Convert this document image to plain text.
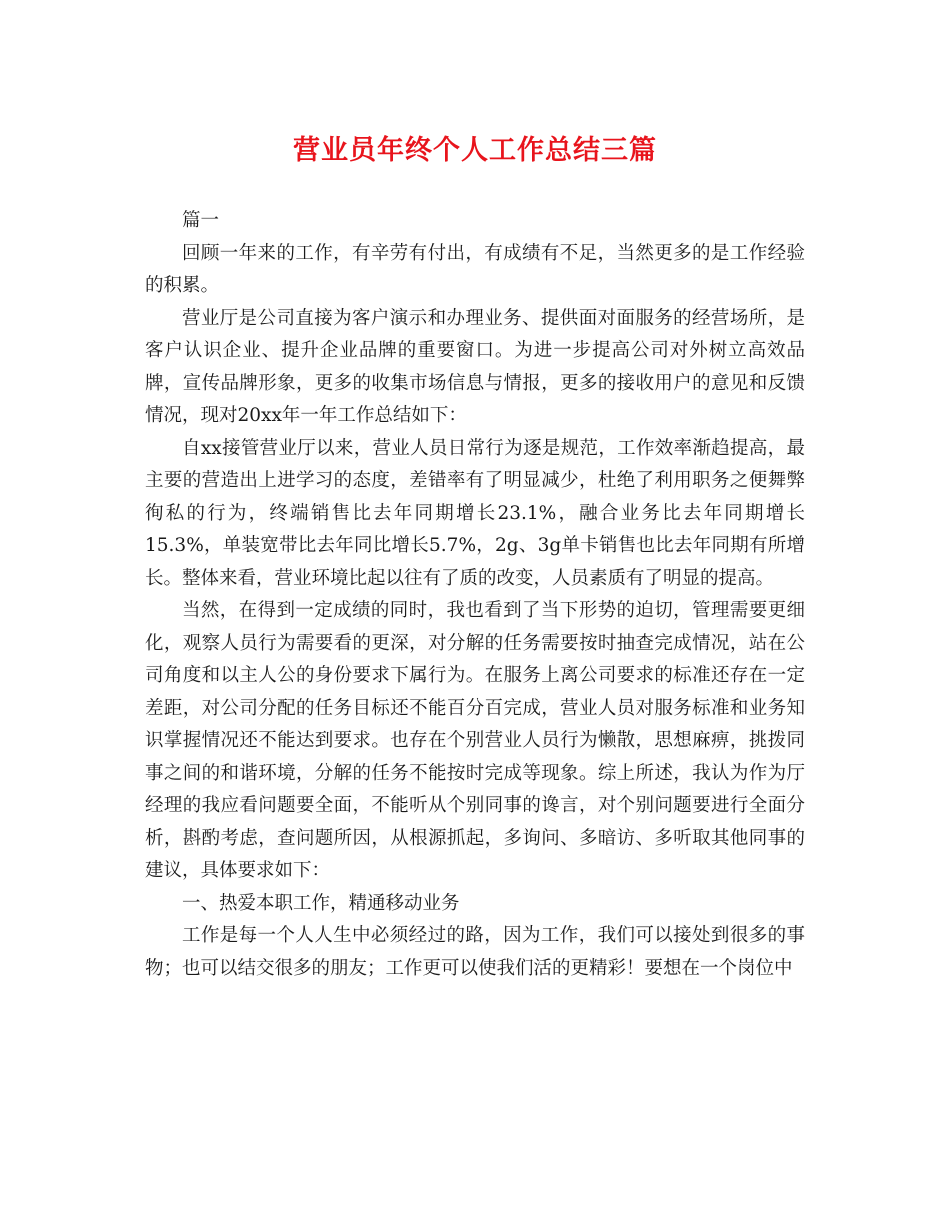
营业员年终个人工作总结三篇

篇一

回顾一年来的工作，有辛劳有付出，有成绩有不足，当然更多的是工作经验的积累。

营业厅是公司直接为客户演示和办理业务、提供面对面服务的经营场所，是客户认识企业、提升企业品牌的重要窗口。为进一步提高公司对外树立高效品牌，宣传品牌形象，更多的收集市场信息与情报，更多的接收用户的意见和反馈情况，现对20xx年一年工作总结如下：

自xx接管营业厅以来，营业人员日常行为逐是规范，工作效率渐趋提高，最主要的营造出上进学习的态度，差错率有了明显减少，杜绝了利用职务之便舞弊徇私的行为，终端销售比去年同期增长23.1%，融合业务比去年同期增长15.3%，单装宽带比去年同比增长5.7%，2g、3g单卡销售也比去年同期有所增长。整体来看，营业环境比起以往有了质的改变，人员素质有了明显的提高。

当然，在得到一定成绩的同时，我也看到了当下形势的迫切，管理需要更细化，观察人员行为需要看的更深，对分解的任务需要按时抽查完成情况，站在公司角度和以主人公的身份要求下属行为。在服务上离公司要求的标准还存在一定差距，对公司分配的任务目标还不能百分百完成，营业人员对服务标准和业务知识掌握情况还不能达到要求。也存在个别营业人员行为懒散，思想麻痹，挑拨同事之间的和谐环境，分解的任务不能按时完成等现象。综上所述，我认为作为厅经理的我应看问题要全面，不能听从个别同事的谗言，对个别问题要进行全面分析，斟酌考虑，查问题所因，从根源抓起，多询问、多暗访、多听取其他同事的建议，具体要求如下：

一、热爱本职工作，精通移动业务

工作是每一个人人生中必须经过的路，因为工作，我们可以接处到很多的事物；也可以结交很多的朋友；工作更可以使我们活的更精彩！要想在一个岗位中
